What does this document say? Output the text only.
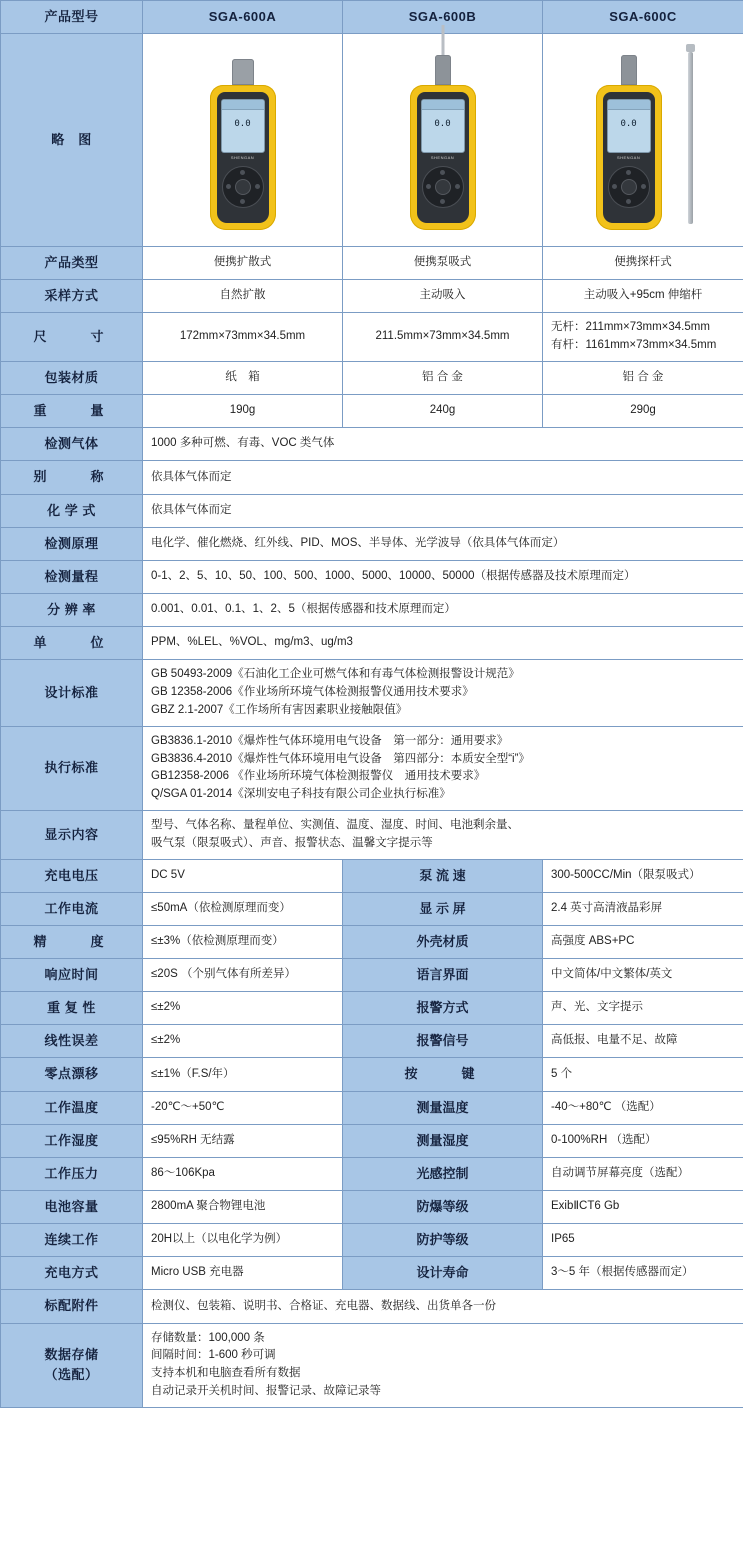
产品型号	SGA-600A	SGA-600B	SGA-600C
略　图	
0.0
SHENGAN

0.0
SHENGAN

0.0
SHENGAN

产品类型	便携扩散式	便携泵吸式	便携探杆式
采样方式	自然扩散	主动吸入	主动吸入+95cm 伸缩杆
尺　　寸	172mm×73mm×34.5mm	211.5mm×73mm×34.5mm	无杆：211mm×73mm×34.5mm
有杆：1161mm×73mm×34.5mm

包装材质	纸　箱	铝 合 金	铝 合 金
重　　量	190g	240g	290g
检测气体	1000 多种可燃、有毒、VOC 类气体		
别　　称	依具体气体而定		
化 学 式	依具体气体而定		
检测原理	电化学、催化燃烧、红外线、PID、MOS、半导体、光学波导（依具体气体而定）		
检测量程	0-1、2、5、10、50、100、500、1000、5000、10000、50000（根据传感器及技术原理而定）		
分 辨 率	0.001、0.01、0.1、1、2、5（根据传感器和技术原理而定）		
单　　位	PPM、%LEL、%VOL、mg/m3、ug/m3		
设计标准	GB 50493-2009《石油化工企业可燃气体和有毒气体检测报警设计规范》
GB 12358-2006《作业场所环境气体检测报警仪通用技术要求》
GBZ 2.1-2007《工作场所有害因素职业接触限值》		

执行标准	GB3836.1-2010《爆炸性气体环境用电气设备　第一部分：通用要求》
GB3836.4-2010《爆炸性气体环境用电气设备　第四部分：本质安全型“i”》
GB12358-2006 《作业场所环境气体检测报警仪　通用技术要求》
Q/SGA 01-2014《深圳安电子科技有限公司企业执行标准》		

显示内容	型号、气体名称、量程单位、实测值、温度、湿度、时间、电池剩余量、
吸气泵（限泵吸式）、声音、报警状态、温馨文字提示等		

充电电压	DC 5V	泵 流 速	300-500CC/Min（限泵吸式）
工作电流	≤50mA（依检测原理而变）	显 示 屏	2.4 英寸高清液晶彩屏
精　　度	≤±3%（依检测原理而变）	外壳材质	高强度 ABS+PC
响应时间	≤20S （个别气体有所差异）	语言界面	中文简体/中文繁体/英文
重 复 性	≤±2%	报警方式	声、光、文字提示
线性误差	≤±2%	报警信号	高低报、电量不足、故障
零点漂移	≤±1%（F.S/年）	按　　键	5 个
工作温度	-20℃～+50℃	测量温度	-40～+80℃ （选配）
工作湿度	≤95%RH 无结露	测量湿度	0-100%RH （选配）
工作压力	86～106Kpa	光感控制	自动调节屏幕亮度（选配）
电池容量	2800mA 聚合物锂电池	防爆等级	ExibⅡCT6 Gb
连续工作	20H以上（以电化学为例）	防护等级	IP65
充电方式	Micro USB 充电器	设计寿命	3～5 年（根据传感器而定）
标配附件	检测仪、包装箱、说明书、合格证、充电器、数据线、出货单各一份		

数据存储
（选配）

存储数量：100,000 条
间隔时间：1-600 秒可调
支持本机和电脑查看所有数据
自动记录开关机时间、报警记录、故障记录等
